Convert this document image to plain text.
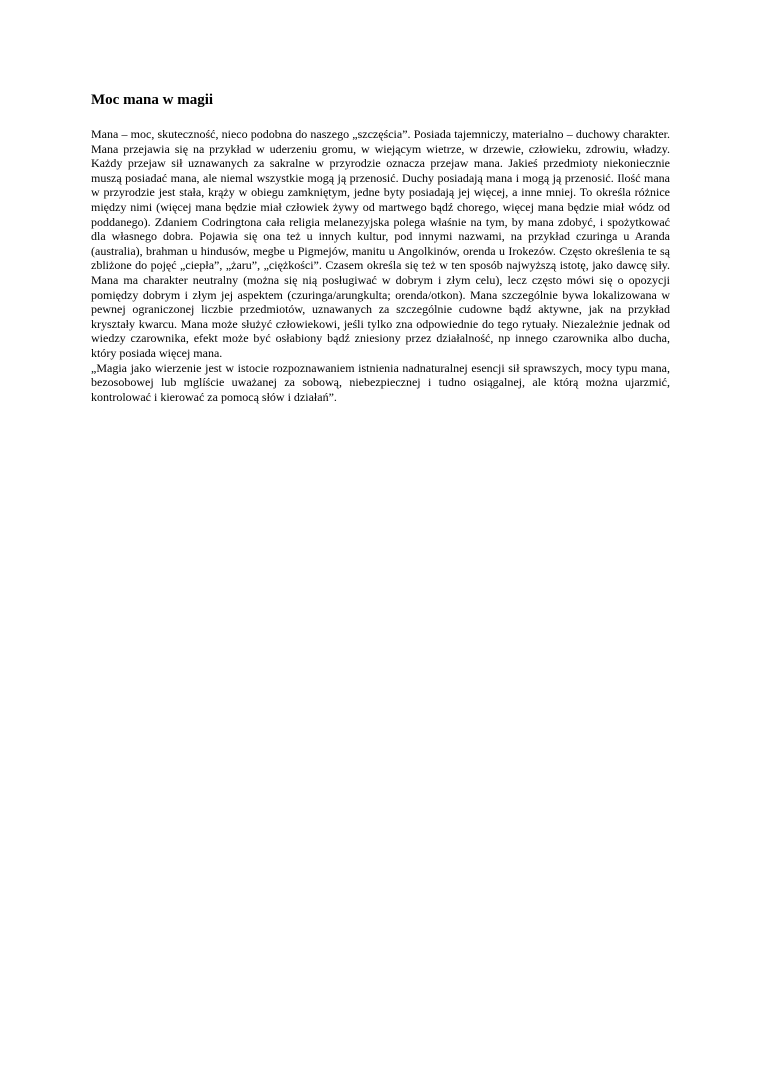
Moc mana w magii

Mana – moc, skuteczność, nieco podobna do naszego „szczęścia”. Posiada tajemniczy, materialno – duchowy charakter. Mana przejawia się na przykład w uderzeniu gromu, w wiejącym wietrze, w drzewie, człowieku, zdrowiu, władzy. Każdy przejaw sił uznawanych za sakralne w przyrodzie oznacza przejaw mana. Jakieś przedmioty niekoniecznie muszą posiadać mana, ale niemal wszystkie mogą ją przenosić. Duchy posiadają mana i mogą ją przenosić. Ilość mana w przyrodzie jest stała, krąży w obiegu zamkniętym, jedne byty posiadają jej więcej, a inne mniej. To określa różnice między nimi (więcej mana będzie miał człowiek żywy od martwego bądź chorego, więcej mana będzie miał wódz od poddanego). Zdaniem Codringtona cała religia melanezyjska polega właśnie na tym, by mana zdobyć, i spożytkować dla własnego dobra. Pojawia się ona też u innych kultur, pod innymi nazwami, na przykład czuringa u Aranda (australia), brahman u hindusów, megbe u Pigmejów, manitu u Angolkinów, orenda u Irokezów. Często określenia te są zbliżone do pojęć „ciepła”, „żaru”, „ciężkości”. Czasem określa się też w ten sposób najwyższą istotę, jako dawcę siły. Mana ma charakter neutralny (można się nią posługiwać w dobrym i złym celu), lecz często mówi się o opozycji pomiędzy dobrym i złym jej aspektem (czuringa/arungkulta; orenda/otkon). Mana szczególnie bywa lokalizowana w pewnej ograniczonej liczbie przedmiotów, uznawanych za szczególnie cudowne bądź aktywne, jak na przykład kryształy kwarcu. Mana może służyć człowiekowi, jeśli tylko zna odpowiednie do tego rytuały. Niezależnie jednak od wiedzy czarownika, efekt może być osłabiony bądź zniesiony przez działalność, np innego czarownika albo ducha, który posiada więcej mana.

„Magia jako wierzenie jest w istocie rozpoznawaniem istnienia nadnaturalnej esencji sił sprawszych, mocy typu mana, bezosobowej lub mglíście uważanej za sobową, niebezpiecznej i tudno osiągalnej, ale którą można ujarzmić, kontrolować i kierować za pomocą słów i działań”.
